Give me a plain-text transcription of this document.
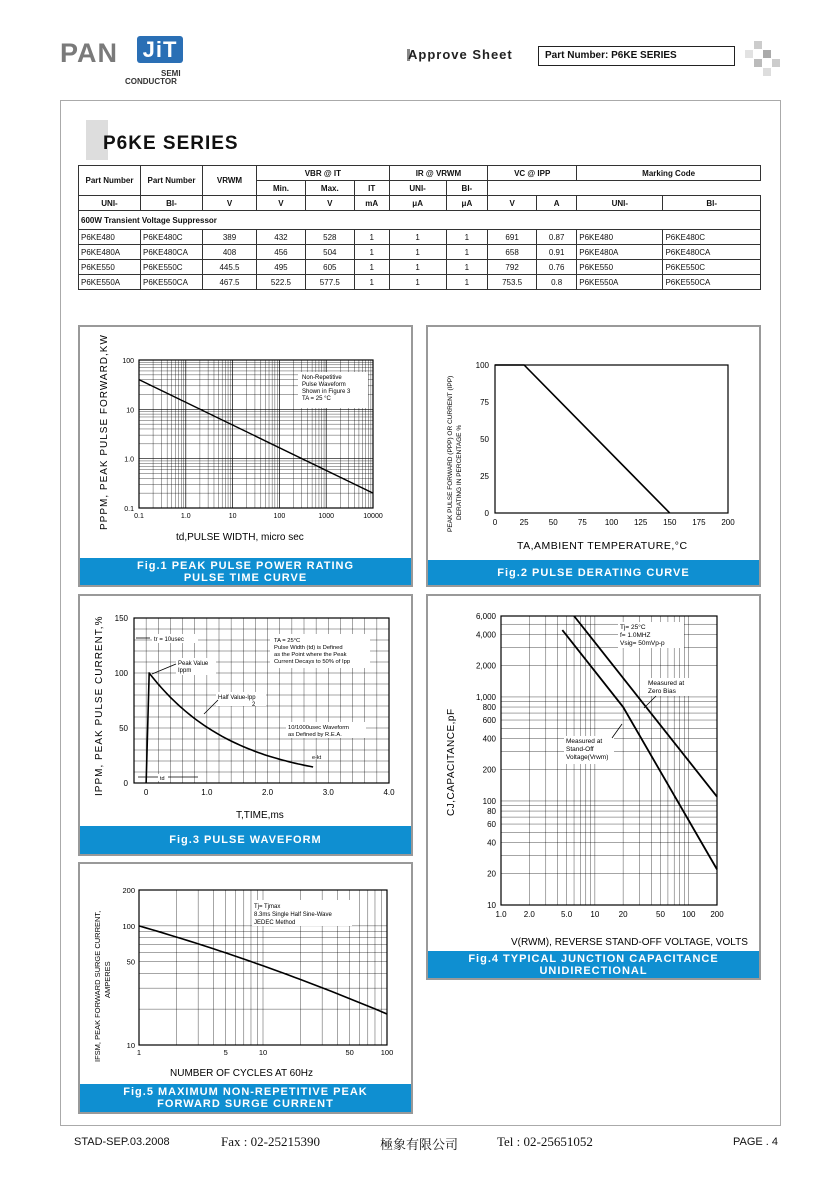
PAN JiT
SEMI
CONDUCTOR
Approve Sheet	Part Number: P6KE SERIES
P6KE SERIES
Part Number	Part Number	VRWM	VBR @ IT			IR @ VRWM		VC @ IPP		Marking Code	
			Min.	Max.	IT	UNI-	BI-				
UNI-	BI-	V	V	V	mA	μA	μA	V	A	UNI-	BI-
600W Transient Voltage Suppressor											
P6KE480	P6KE480C	389	432	528	1	1	1	691	0.87	P6KE480	P6KE480C
P6KE480A	P6KE480CA	408	456	504	1	1	1	658	0.91	P6KE480A	P6KE480CA
P6KE550	P6KE550C	445.5	495	605	1	1	1	792	0.76	P6KE550	P6KE550C
P6KE550A	P6KE550CA	467.5	522.5	577.5	1	1	1	753.5	0.8	P6KE550A	P6KE550CA
Non-Repetitive
Pulse Waveform
Shown in Figure 3
TA = 25 °C
100
10
1.0
0.1
0.1	1.0	10	100	1000	10000
td,PULSE WIDTH, micro sec
PPPM, PEAK PULSE FORWARD,KW
Fig.1 PEAK PULSE POWER RATING
PULSE TIME CURVE
100
75
50
25
0
0	25	50	75 100 125 150 175 200
TA,AMBIENT TEMPERATURE,°C
PEAK PULSE FORWARD (PPP) OR CURRENT (IPP) DERATING IN PERCENTAGE %
Fig.2 PULSE DERATING CURVE
150
100
50
0
0	1.0	2.0	3.0	4.0
TA = 25°C
Pulse Width (td) is Defined
as the Point where the Peak
Current Decays to 50% of Ipp
tr = 10usec
Peak Value
Ippm
Half Value-Ipp
2
10/1000usec Waveform
as Defined by R.E.A.
e-kt
td
T,TIME,ms
IPPM, PEAK PULSE CURRENT,%
Fig.3 PULSE WAVEFORM
6,000
4,000
2,000
1,000
800
600
400
200
100
80
60
40
20
10
1.0 2.0	5.0 10 20	50 100 200
Tj= 25°C
f= 1.0MHZ
Vsig= 50mVp-p
Measured at
Zero Bias
Measured at
Stand-Off
Voltage(Vrwm)
V(RWM), REVERSE STAND-OFF VOLTAGE, VOLTS
CJ,CAPACITANCE,pF
Fig.4 TYPICAL JUNCTION CAPACITANCE
UNIDIRECTIONAL
200
100
50
10
1	5	10	50	100
Tj= Tjmax
8.3ms Single Half Sine-Wave
JEDEC Method
NUMBER OF CYCLES AT 60Hz
IFSM, PEAK FORWARD SURGE CURRENT, AMPERES
Fig.5 MAXIMUM NON-REPETITIVE PEAK
FORWARD SURGE CURRENT
STAD-SEP.03.2008	Fax : 02-25215390	極象有限公司	Tel : 02-25651052	PAGE . 4
